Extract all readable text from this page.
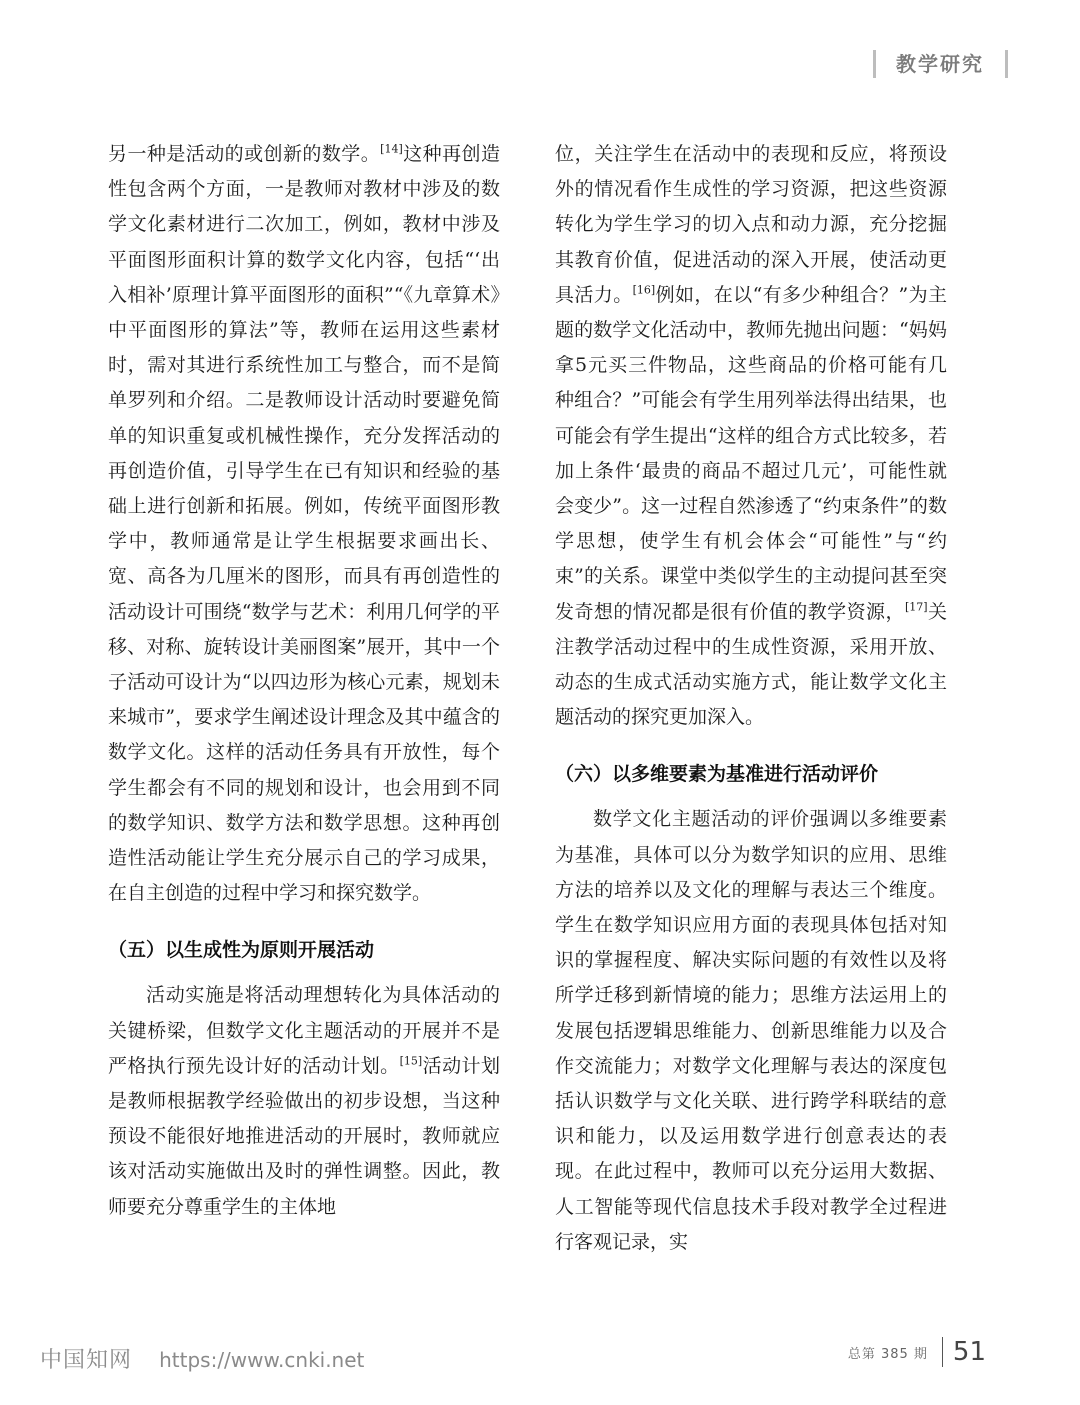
教学研究

另一种是活动的或创新的数学。[14]这种再创造性包含两个方面，一是教师对教材中涉及的数学文化素材进行二次加工，例如，教材中涉及平面图形面积计算的数学文化内容，包括“‘出入相补’原理计算平面图形的面积”“《九章算术》中平面图形的算法”等，教师在运用这些素材时，需对其进行系统性加工与整合，而不是简单罗列和介绍。二是教师设计活动时要避免简单的知识重复或机械性操作，充分发挥活动的再创造价值，引导学生在已有知识和经验的基础上进行创新和拓展。例如，传统平面图形教学中，教师通常是让学生根据要求画出长、宽、高各为几厘米的图形，而具有再创造性的活动设计可围绕“数学与艺术：利用几何学的平移、对称、旋转设计美丽图案”展开，其中一个子活动可设计为“以四边形为核心元素，规划未来城市”，要求学生阐述设计理念及其中蕴含的数学文化。这样的活动任务具有开放性，每个学生都会有不同的规划和设计，也会用到不同的数学知识、数学方法和数学思想。这种再创造性活动能让学生充分展示自己的学习成果，在自主创造的过程中学习和探究数学。

（五）以生成性为原则开展活动

活动实施是将活动理想转化为具体活动的关键桥梁，但数学文化主题活动的开展并不是严格执行预先设计好的活动计划。[15]活动计划是教师根据教学经验做出的初步设想，当这种预设不能很好地推进活动的开展时，教师就应该对活动实施做出及时的弹性调整。因此，教师要充分尊重学生的主体地

位，关注学生在活动中的表现和反应，将预设外的情况看作生成性的学习资源，把这些资源转化为学生学习的切入点和动力源，充分挖掘其教育价值，促进活动的深入开展，使活动更具活力。[16]例如，在以“有多少种组合？”为主题的数学文化活动中，教师先抛出问题：“妈妈拿5元买三件物品，这些商品的价格可能有几种组合？”可能会有学生用列举法得出结果，也可能会有学生提出“这样的组合方式比较多，若加上条件‘最贵的商品不超过几元’，可能性就会变少”。这一过程自然渗透了“约束条件”的数学思想，使学生有机会体会“可能性”与“约束”的关系。课堂中类似学生的主动提问甚至突发奇想的情况都是很有价值的教学资源，[17]关注教学活动过程中的生成性资源，采用开放、动态的生成式活动实施方式，能让数学文化主题活动的探究更加深入。

（六）以多维要素为基准进行活动评价

数学文化主题活动的评价强调以多维要素为基准，具体可以分为数学知识的应用、思维方法的培养以及文化的理解与表达三个维度。学生在数学知识应用方面的表现具体包括对知识的掌握程度、解决实际问题的有效性以及将所学迁移到新情境的能力；思维方法运用上的发展包括逻辑思维能力、创新思维能力以及合作交流能力；对数学文化理解与表达的深度包括认识数学与文化关联、进行跨学科联结的意识和能力，以及运用数学进行创意表达的表现。在此过程中，教师可以充分运用大数据、人工智能等现代信息技术手段对教学全过程进行客观记录，实

中国知网 https://www.cnki.net	总第 385 期 51
